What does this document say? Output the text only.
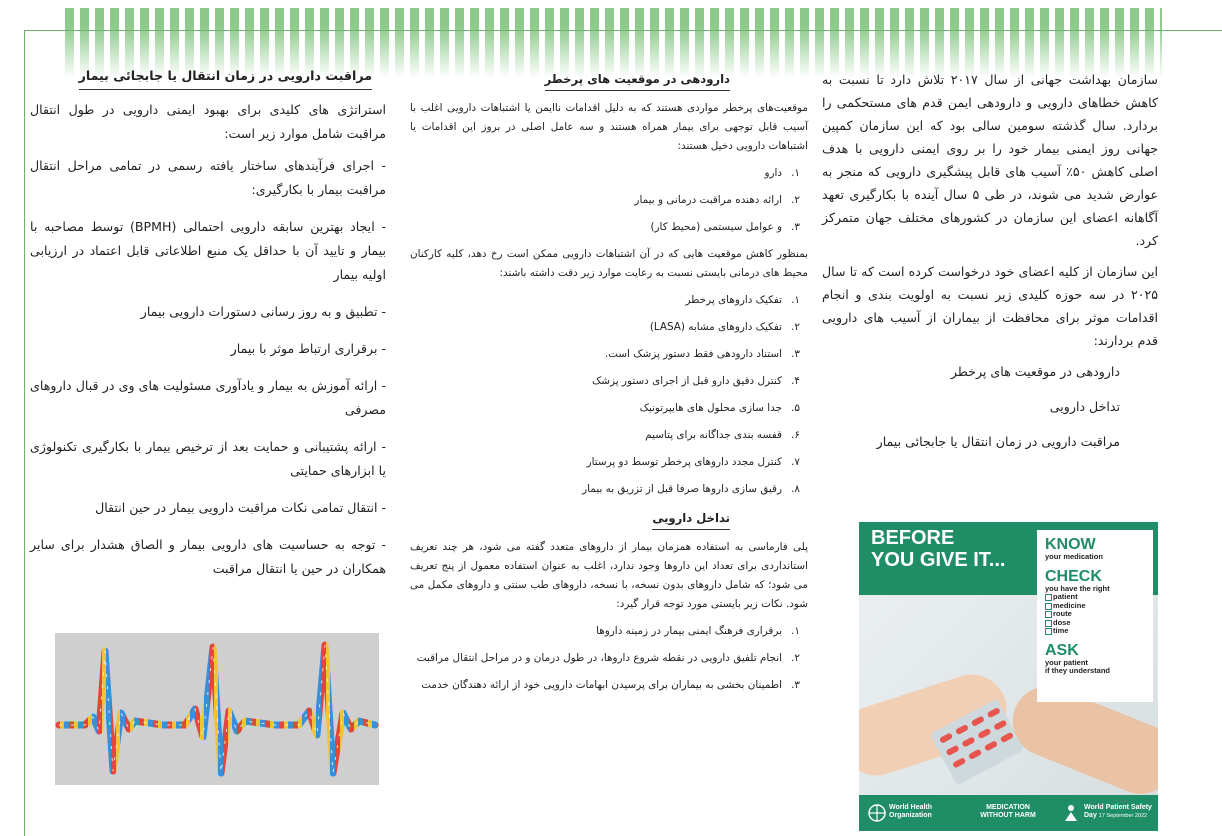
سازمان بهداشت جهانی از سال ۲۰۱۷ تلاش دارد تا نسبت به کاهش خطاهای دارویی و دارودهی ایمن قدم های مستحکمی را بردارد. سال گذشته سومین سالی بود که این سازمان کمپین جهانی روز ایمنی بیمار خود را بر روی ایمنی دارویی با هدف اصلی کاهش ۵۰٪ آسیب های قابل پیشگیری دارویی که منجر به عوارض شدید می شوند، در طی ۵ سال آینده با بکارگیری تعهد آگاهانه اعضای این سازمان در کشورهای مختلف جهان متمرکز کرد.

این سازمان از کلیه اعضای خود درخواست کرده است که تا سال ۲۰۲۵ در سه حوزه کلیدی زیر نسبت به اولویت بندی و انجام اقدامات موثر برای محافظت از بیماران از آسیب های دارویی قدم بردارند:

دارودهی در موقعیت های پرخطر
تداخل دارویی
مراقبت دارویی در زمان انتقال یا جابجائی بیمار
BEFORE
YOU GIVE IT...
KNOW
your medication
CHECK
you have the right
patient
medicine
route
dose
time
ASK
your patient
if they understand
World Health Organization
MEDICATION WITHOUT HARM
World Patient Safety Day 17 September 2022
دارودهی در موقعیت های پرخطر

موقعیت‌های پرخطر مواردی هستند که به دلیل اقدامات ناایمن یا اشتباهات دارویی اغلب با آسیب قابل توجهی برای بیمار همراه هستند و سه عامل اصلی در بروز این اقدامات یا اشتباهات دارویی دخیل هستند:

۱.
دارو
۲.
ارائه دهنده مراقبت درمانی و بیمار
۳.
و عوامل سیستمی (محیط کار)

بمنظور کاهش موقعیت هایی که در آن اشتباهات دارویی ممکن است رخ دهد، کلیه کارکنان محیط های درمانی بایستی نسبت به رعایت موارد زیر دقت داشته باشند:

۱.
تفکیک داروهای پرخطر
۲.
تفکیک داروهای مشابه (LASA)
۳.
استناد دارودهی فقط دستور پزشک است.
۴.
کنترل دقیق دارو قبل از اجرای دستور پزشک
۵.
جدا سازی محلول های هایپرتونیک
۶.
قفسه بندی جداگانه برای پتاسیم
۷.
کنترل مجدد داروهای پرخطر توسط دو پرستار
۸.
رقیق سازی داروها صرفا قبل از تزریق به بیمار
تداخل دارویی

پلی فارماسی به استفاده همزمان بیمار از داروهای متعدد گفته می شود، هر چند تعریف استانداردی برای تعداد این داروها وجود ندارد، اغلب به عنوان استفاده معمول از پنج تعریف می شود؛ که شامل داروهای بدون نسخه، با نسخه، داروهای طب سنتی و داروهای مکمل می شود. نکات زیر بایستی مورد توجه قرار گیرد:

۱.
برقراری فرهنگ ایمنی بیمار در زمینه داروها
۲.
انجام تلفیق دارویی در نقطه شروع داروها، در طول درمان و در مراحل انتقال مراقبت
۳.
اطمینان بخشی به بیماران برای پرسیدن ابهامات دارویی خود از ارائه دهندگان خدمت
مراقبت دارویی در زمان انتقال یا جابجائی بیمار

استراتژی های کلیدی برای بهبود ایمنی دارویی در طول انتقال مراقبت شامل موارد زیر است:

- اجرای فرآیندهای ساختار یافته رسمی در تمامی مراحل انتقال مراقبت بیمار با بکارگیری:
- ایجاد بهترین سابقه دارویی احتمالی (BPMH) توسط مصاحبه با بیمار و تایید آن با حداقل یک منبع اطلاعاتی قابل اعتماد در ارزیابی اولیه بیمار
- تطبیق و به روز رسانی دستورات دارویی بیمار
- برقراری ارتباط موثر با بیمار
- ارائه آموزش به بیمار و یادآوری مسئولیت های وی در قبال داروهای مصرفی
- ارائه پشتیبانی و حمایت بعد از ترخیص بیمار با بکارگیری تکنولوژی یا ابزارهای حمایتی
- انتقال تمامی نکات مراقبت دارویی بیمار در حین انتقال
- توجه به حساسیت های دارویی بیمار و الصاق هشدار برای سایر همکاران در حین یا انتقال مراقبت
